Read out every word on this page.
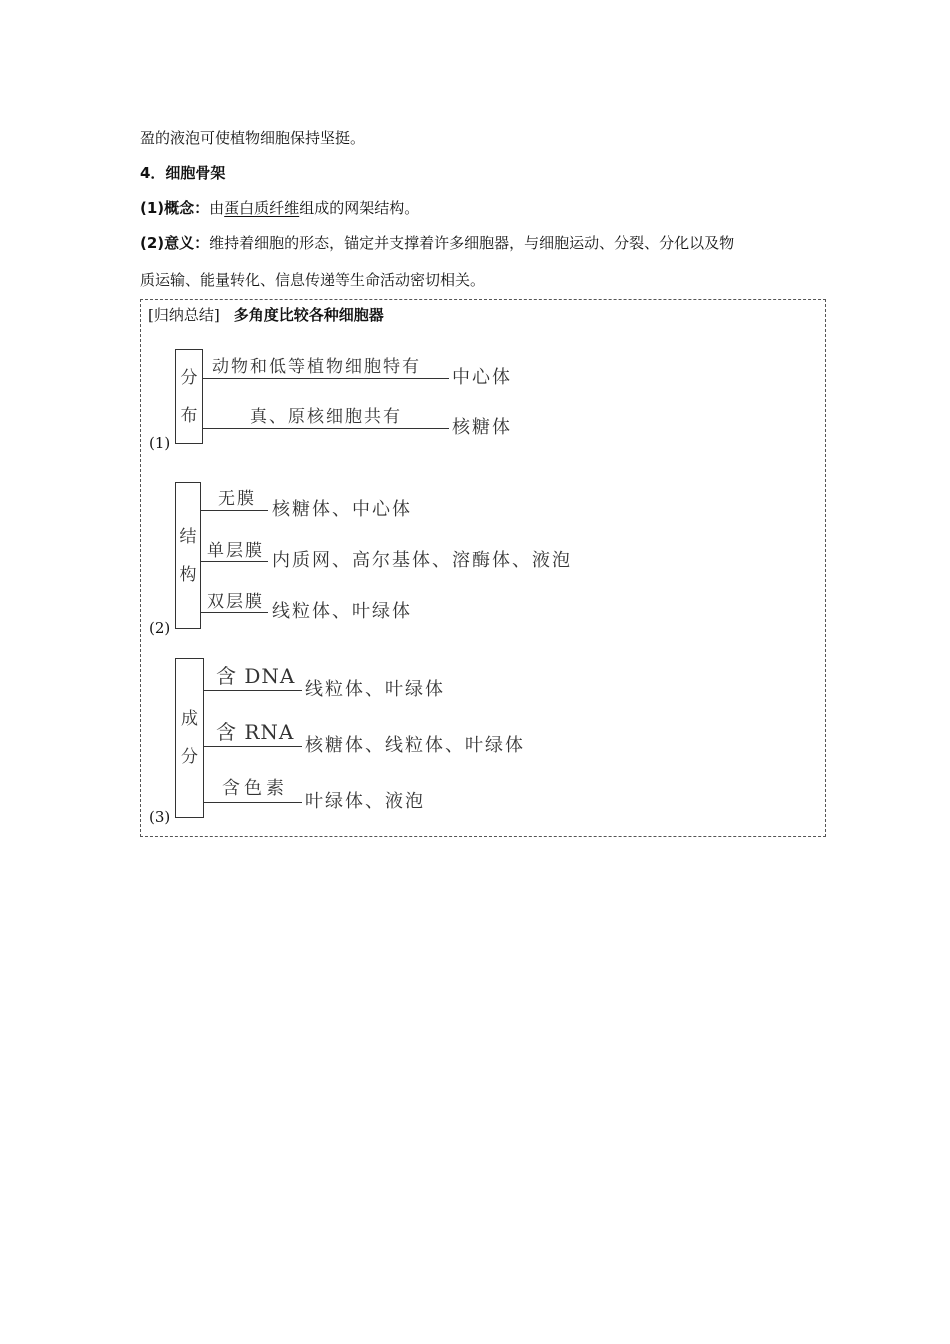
盈的液泡可使植物细胞保持坚挺。
4．细胞骨架
(1)概念：由蛋白质纤维组成的网架结构。
(2)意义：维持着细胞的形态，锚定并支撑着许多细胞器，与细胞运动、分裂、分化以及物
质运输、能量转化、信息传递等生命活动密切相关。
[归纳总结] 多角度比较各种细胞器
(1)
分
布
动物和低等植物细胞特有 中心体
真、原核细胞共有	核糖体
(2)
结
构
无膜 核糖体、中心体
单层膜 内质网、高尔基体、溶酶体、液泡
双层膜 线粒体、叶绿体
(3)
成
分
含 DNA
线粒体、叶绿体
含 RNA
核糖体、线粒体、叶绿体
含色素
叶绿体、液泡
